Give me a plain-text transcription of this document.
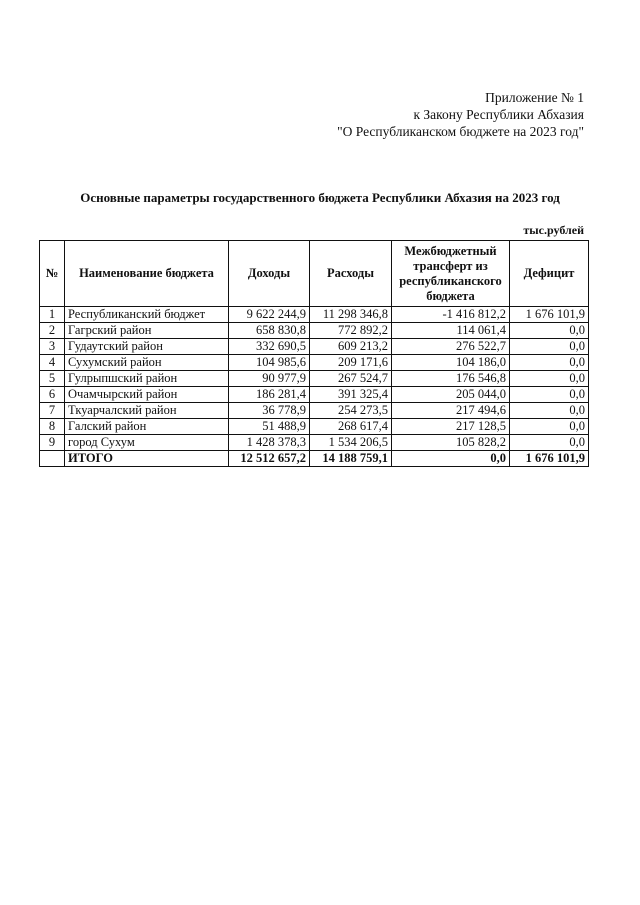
Приложение № 1
к Закону Республики Абхазия
"О Республиканском бюджете на 2023 год"
Основные параметры государственного бюджета Республики Абхазия на 2023 год
тыс.рублей
№	Наименование бюджета	Доходы	Расходы	Межбюджетный трансферт из республиканского бюджета	Дефицит
1	Республиканский бюджет	9 622 244,9	11 298 346,8	-1 416 812,2	1 676 101,9
2	Гагрский район	658 830,8	772 892,2	114 061,4	0,0
3	Гудаутский район	332 690,5	609 213,2	276 522,7	0,0
4	Сухумский район	104 985,6	209 171,6	104 186,0	0,0
5	Гулрыпшский район	90 977,9	267 524,7	176 546,8	0,0
6	Очамчырский район	186 281,4	391 325,4	205 044,0	0,0
7	Ткуарчалский район	36 778,9	254 273,5	217 494,6	0,0
8	Галский район	51 488,9	268 617,4	217 128,5	0,0
9	город Сухум	1 428 378,3	1 534 206,5	105 828,2	0,0
	ИТОГО	12 512 657,2	14 188 759,1	0,0	1 676 101,9
